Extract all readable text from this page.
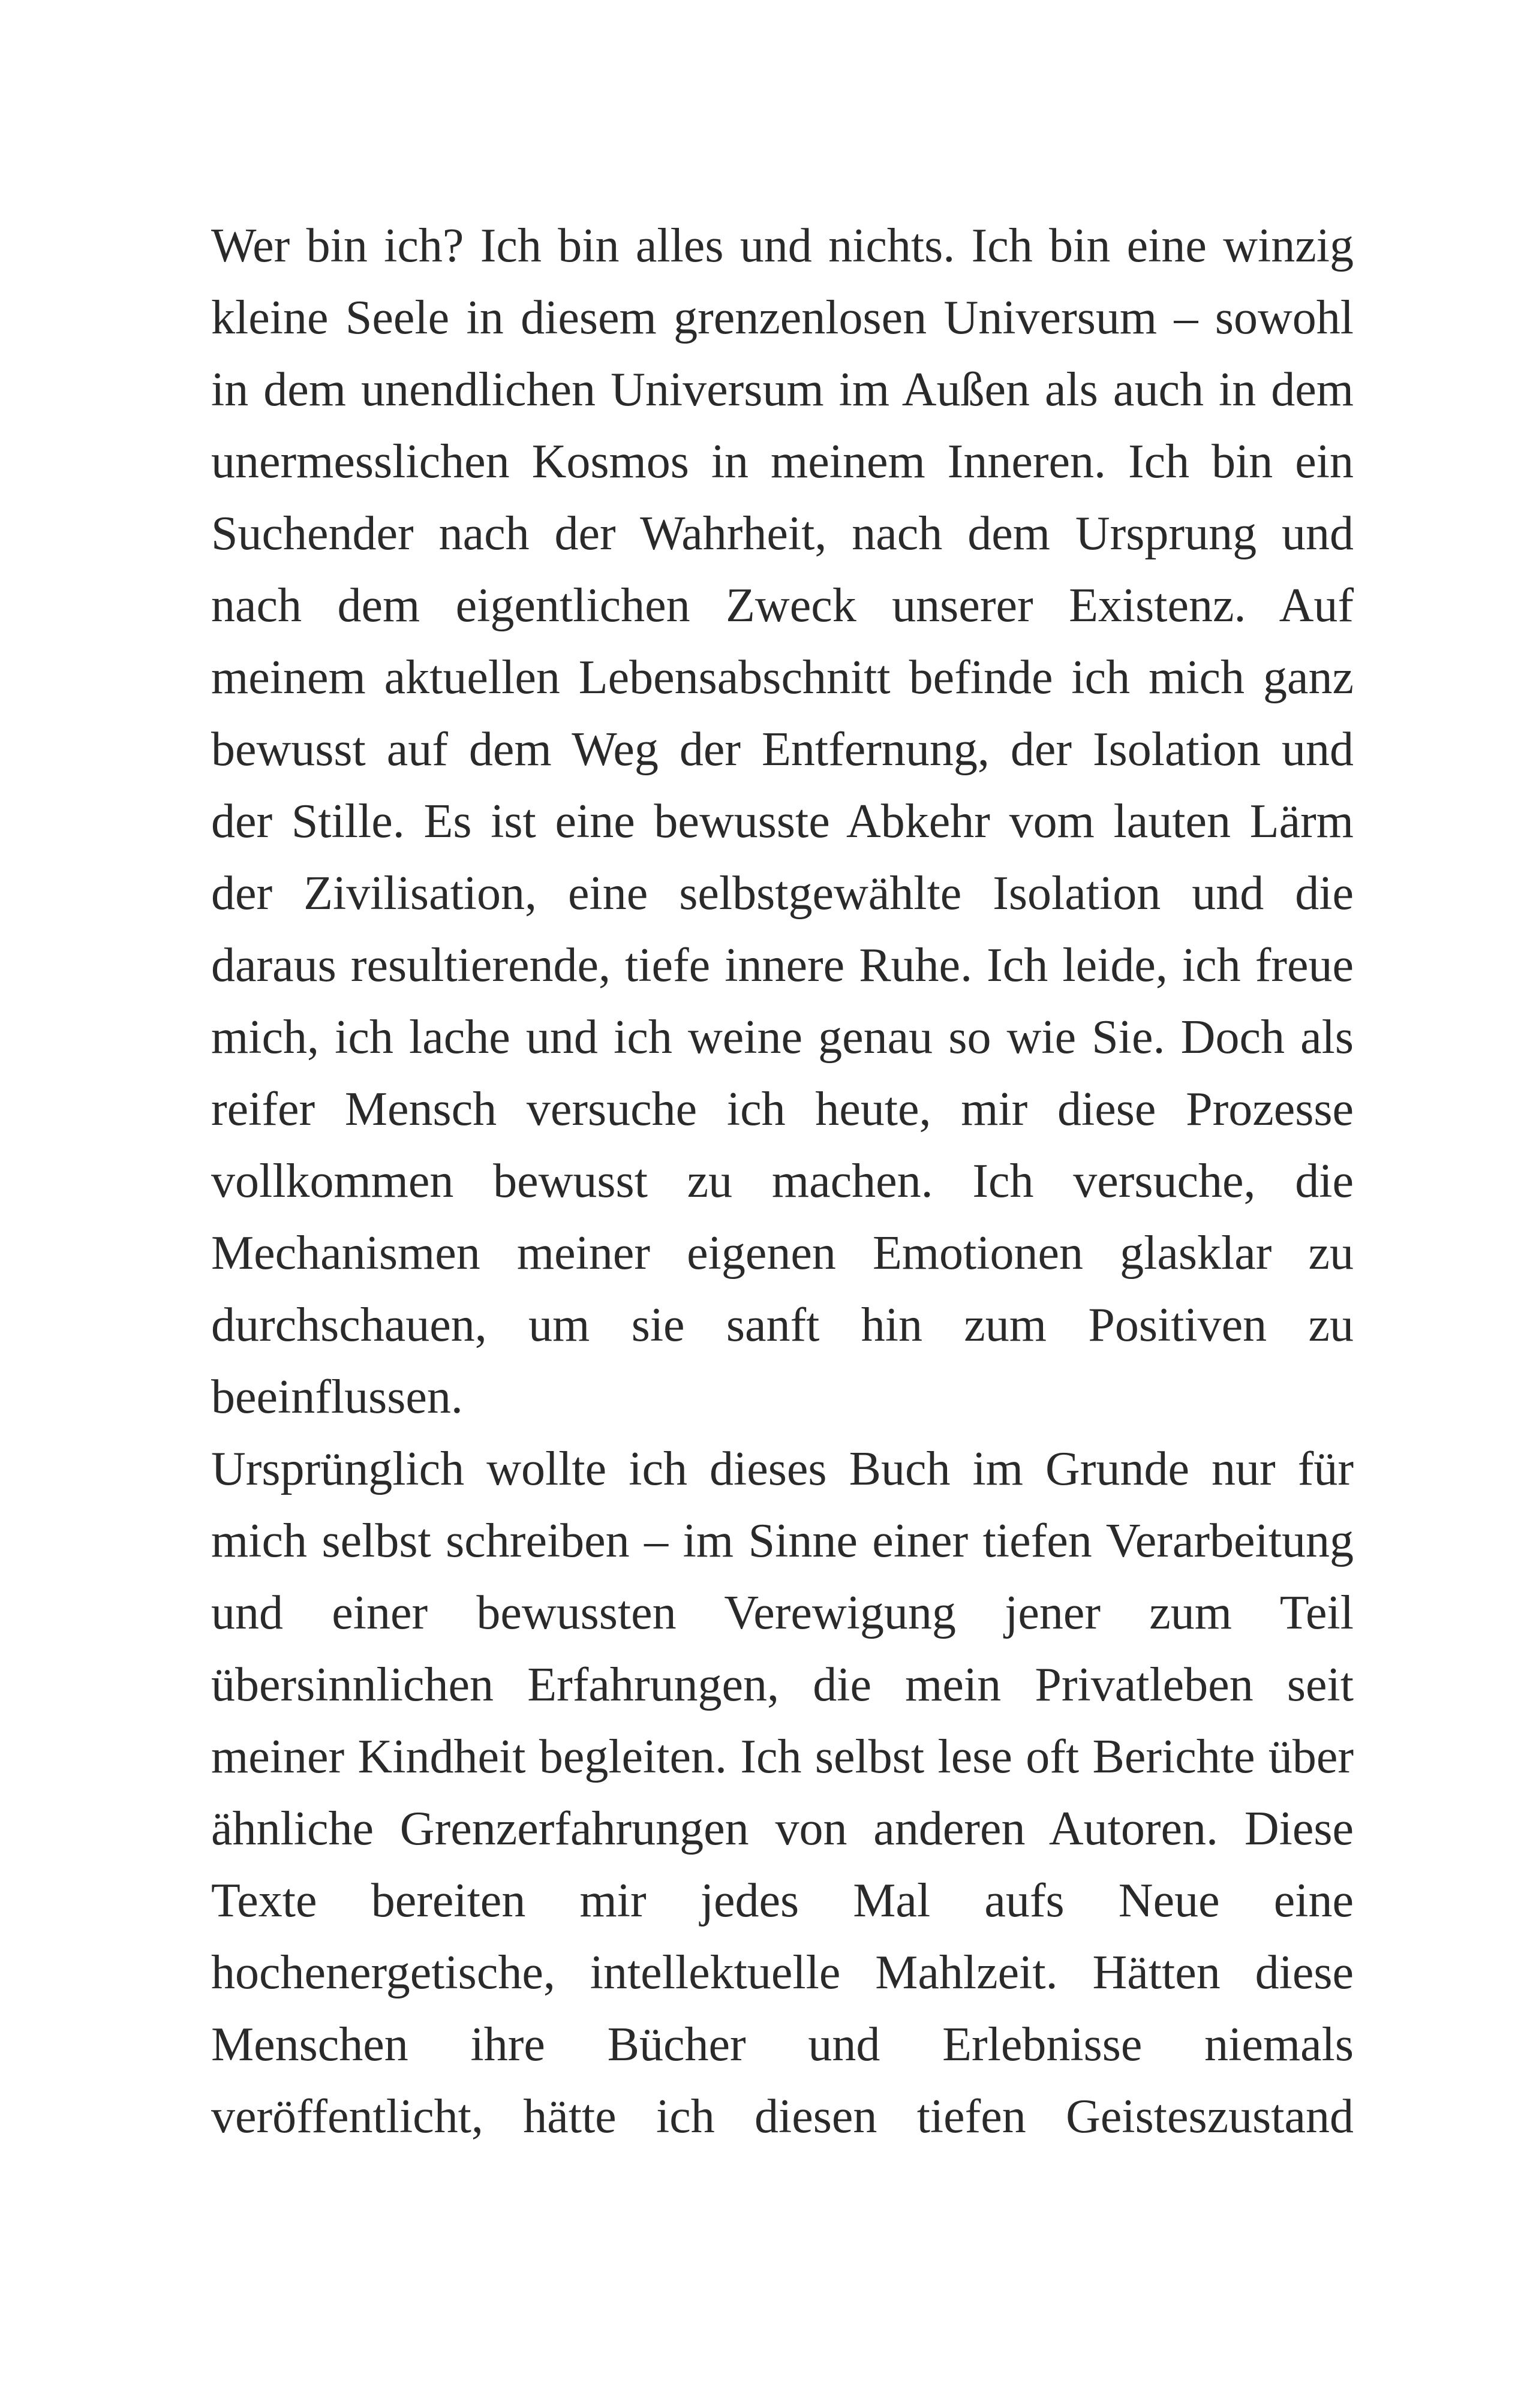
Wer bin ich? Ich bin alles und nichts. Ich bin eine winzig
kleine Seele in diesem grenzenlosen Universum – sowohl
in dem unendlichen Universum im Außen als auch in dem
unermesslichen Kosmos in meinem Inneren. Ich bin ein
Suchender nach der Wahrheit, nach dem Ursprung und
nach dem eigentlichen Zweck unserer Existenz. Auf
meinem aktuellen Lebensabschnitt befinde ich mich ganz
bewusst auf dem Weg der Entfernung, der Isolation und
der Stille. Es ist eine bewusste Abkehr vom lauten Lärm
der Zivilisation, eine selbstgewählte Isolation und die
daraus resultierende, tiefe innere Ruhe. Ich leide, ich freue
mich, ich lache und ich weine genau so wie Sie. Doch als
reifer Mensch versuche ich heute, mir diese Prozesse
vollkommen bewusst zu machen. Ich versuche, die
Mechanismen meiner eigenen Emotionen glasklar zu
durchschauen, um sie sanft hin zum Positiven zu
beeinflussen.
Ursprünglich wollte ich dieses Buch im Grunde nur für
mich selbst schreiben – im Sinne einer tiefen Verarbeitung
und einer bewussten Verewigung jener zum Teil
übersinnlichen Erfahrungen, die mein Privatleben seit
meiner Kindheit begleiten. Ich selbst lese oft Berichte über
ähnliche Grenzerfahrungen von anderen Autoren. Diese
Texte bereiten mir jedes Mal aufs Neue eine
hochenergetische, intellektuelle Mahlzeit. Hätten diese
Menschen ihre Bücher und Erlebnisse niemals
veröffentlicht, hätte ich diesen tiefen Geisteszustand
